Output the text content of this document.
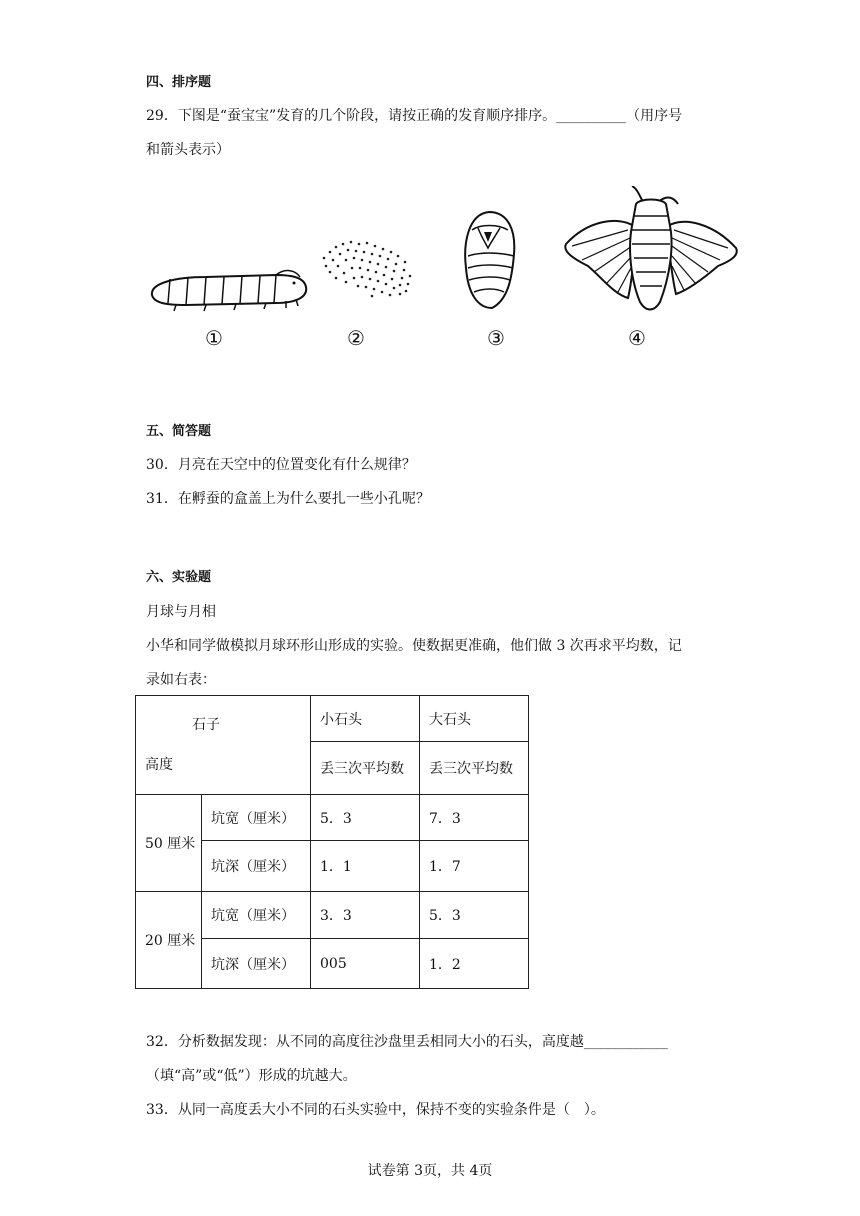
四、排序题
29．下图是“蚕宝宝”发育的几个阶段，请按正确的发育顺序排序。__________（用序号
和箭头表示）
①	②	③	④
五、简答题
30．月亮在天空中的位置变化有什么规律？
31．在孵蚕的盒盖上为什么要扎一些小孔呢？
六、实验题
月球与月相
小华和同学做模拟月球环形山形成的实验。使数据更准确，他们做 3 次再求平均数，记
录如右表：
石子
高度		小石头	大石头
		丢三次平均数	丢三次平均数
50 厘米	坑宽（厘米）	5．3	7．3
	坑深（厘米）	1．1	1．7
20 厘米	坑宽（厘米）	3．3	5．3
	坑深（厘米）	005	1．2
32．分析数据发现：从不同的高度往沙盘里丢相同大小的石头，高度越____________
（填“高”或“低”）形成的坑越大。
33．从同一高度丢大小不同的石头实验中，保持不变的实验条件是（　）。
试卷第 3页，共 4页
